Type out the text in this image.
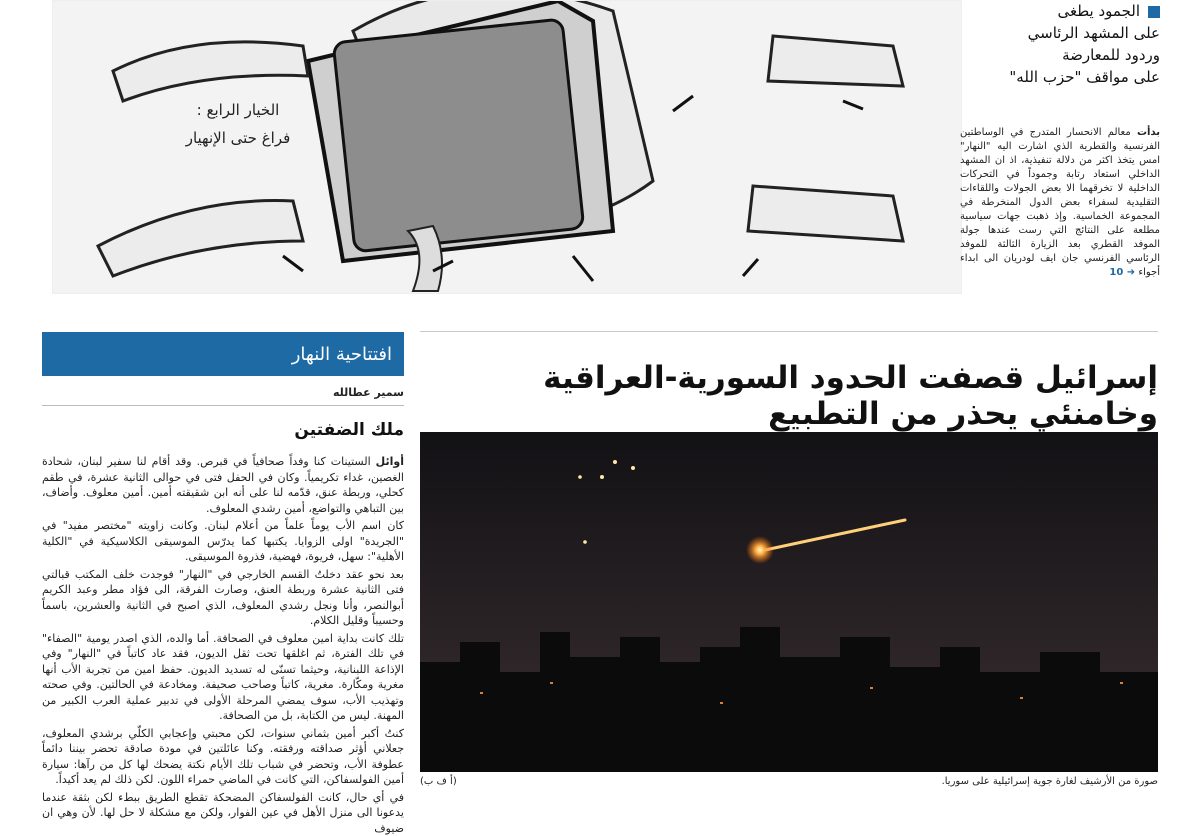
الخيار الرابع :
فراغ حتى الإنهيار
الجمود يطغى
على المشهد الرئاسي
وردود للمعارضة
على مواقف "حزب الله"
بدأت معالم الانحسار المتدرج في الوساطتين الفرنسية والقطرية الذي اشارت اليه "النهار" امس يتخذ اكثر من دلالة تنفيذية، اذ ان المشهد الداخلي استعاد رتابة وجموداً في التحركات الداخلية لا تخرقهما الا بعض الجولات واللقاءات التقليدية لسفراء بعض الدول المنخرطة في المجموعة الخماسية. وإذ ذهبت جهات سياسية مطلعة على النتائج التي رست عندها جولة الموفد القطري بعد الزيارة الثالثة للموفد الرئاسي الفرنسي جان ايف لودريان الى ابداء أجواء ➜ 10
افتتاحية النهار
سمير عطالله
ملك الضفتين

أوائل الستينات كنا وفداً صحافياً في قبرص. وقد أقام لنا سفير لبنان، شحادة الغصين، غداء تكريمياً. وكان في الحفل فتى في حوالى الثانية عشرة، في طقم كحلي، وربطة عنق، قدّمه لنا على أنه ابن شقيقته أمين. أمين معلوف. وأضاف، بين التباهي والتواضع، أمين رشدي المعلوف.

كان اسم الأب يوماً علماً من أعلام لبنان. وكانت زاويته "مختصر مفيد" في "الجريدة" اولى الزوايا. يكتبها كما يدرّس الموسيقى الكلاسيكية في "الكلية الأهلية": سهل، فريوة، فهضية، فذروة الموسيقى.

بعد نحو عقد دخلتُ القسم الخارجي في "النهار" فوجدت خلف المكتب قبالتي فتى الثانية عشرة وربطة العنق، وصارت الفرقة، الى فؤاد مطر وعبد الكريم أبوالنصر، وأنا ونجل رشدي المعلوف، الذي اصبح في الثانية والعشرين، باسماً وحسيباً وقليل الكلام.

تلك كانت بداية امين معلوف في الصحافة. أما والده، الذي اصدر يومية "الصفاء" في تلك الفترة، ثم اغلقها تحت ثقل الديون، فقد عاد كاتباً في "النهار" وفي الإذاعة اللبنانية، وحيثما تسنّى له تسديد الديون. حفظ امين من تجربة الأب أنها مغرية ومكّارة. مغرية، كاتباً وصاحب صحيفة. ومخادعة في الحالتين. وفي صحته وتهذيب الأب، سوف يمضي المرحلة الأولى في تدبير عملية العرب الكبير من المهنة. ليس من الكتابة، بل من الصحافة.

كنتُ أكبر أمين بثماني سنوات، لكن محبتي وإعجابي الكلّي برشدي المعلوف، جعلاني أؤثر صداقته ورفقته. وكنا عائلتين في مودة صادقة تحضر بيننا دائماً عطوفة الأب، وتحضر في شباب تلك الأيام نكتة يضحك لها كل من رآها: سيارة أمين الفولسفاكن، التي كانت في الماضي حمراء اللون. لكن ذلك لم يعد أكيداً.

في أي حال، كانت الفولسفاكن المضحكة تقطع الطريق ببطء لكن بثقة عندما يدعونا الى منزل الأهل في عين الفوار، ولكن مع مشكلة لا حل لها. لأن وهي ان ضيوف

إسرائيل قصفت الحدود السورية-العراقية وخامنئي يحذر من التطبيع
(أ ف ب)	صورة من الأرشيف لغارة جوية إسرائيلية على سوريا.
